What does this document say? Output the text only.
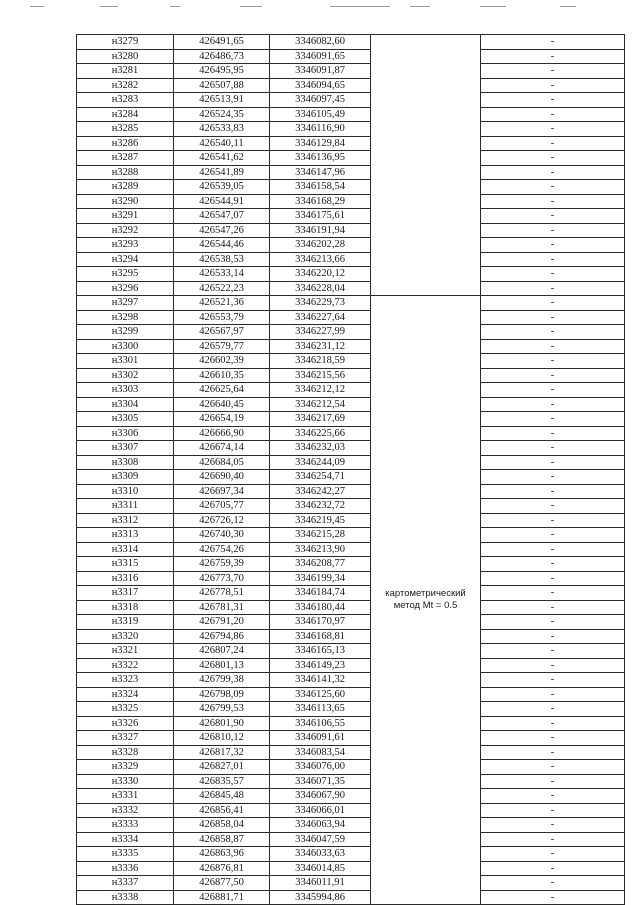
н3279	426491,65	3346082,60		-
н3280	426486,73	3346091,65		-
н3281	426495,95	3346091,87		-
н3282	426507,88	3346094,65		-
н3283	426513,91	3346097,45		-
н3284	426524,35	3346105,49		-
н3285	426533,83	3346116,90		-
н3286	426540,11	3346129,84		-
н3287	426541,62	3346136,95		-
н3288	426541,89	3346147,96		-
н3289	426539,05	3346158,54		-
н3290	426544,91	3346168,29		-
н3291	426547,07	3346175,61		-
н3292	426547,26	3346191,94		-
н3293	426544,46	3346202,28		-
н3294	426538,53	3346213,66		-
н3295	426533,14	3346220,12		-
н3296	426522,23	3346228,04		-
н3297	426521,36	3346229,73	картометрический метод Mt = 0.5	-
н3298	426553,79	3346227,64		-
н3299	426567,97	3346227,99		-
н3300	426579,77	3346231,12		-
н3301	426602,39	3346218,59		-
н3302	426610,35	3346215,56		-
н3303	426625,64	3346212,12		-
н3304	426640,45	3346212,54		-
н3305	426654,19	3346217,69		-
н3306	426666,90	3346225,66		-
н3307	426674,14	3346232,03		-
н3308	426684,05	3346244,09		-
н3309	426690,40	3346254,71		-
н3310	426697,34	3346242,27		-
н3311	426705,77	3346232,72		-
н3312	426726,12	3346219,45		-
н3313	426740,30	3346215,28		-
н3314	426754,26	3346213,90		-
н3315	426759,39	3346208,77		-
н3316	426773,70	3346199,34		-
н3317	426778,51	3346184,74		-
н3318	426781,31	3346180,44		-
н3319	426791,20	3346170,97		-
н3320	426794,86	3346168,81		-
н3321	426807,24	3346165,13		-
н3322	426801,13	3346149,23		-
н3323	426799,38	3346141,32		-
н3324	426798,09	3346125,60		-
н3325	426799,53	3346113,65		-
н3326	426801,90	3346106,55		-
н3327	426810,12	3346091,61		-
н3328	426817,32	3346083,54		-
н3329	426827,01	3346076,00		-
н3330	426835,57	3346071,35		-
н3331	426845,48	3346067,90		-
н3332	426856,41	3346066,01		-
н3333	426858,04	3346063,94		-
н3334	426858,87	3346047,59		-
н3335	426863,96	3346033,63		-
н3336	426876,81	3346014,85		-
н3337	426877,50	3346011,91		-
н3338	426881,71	3345994,86		-
